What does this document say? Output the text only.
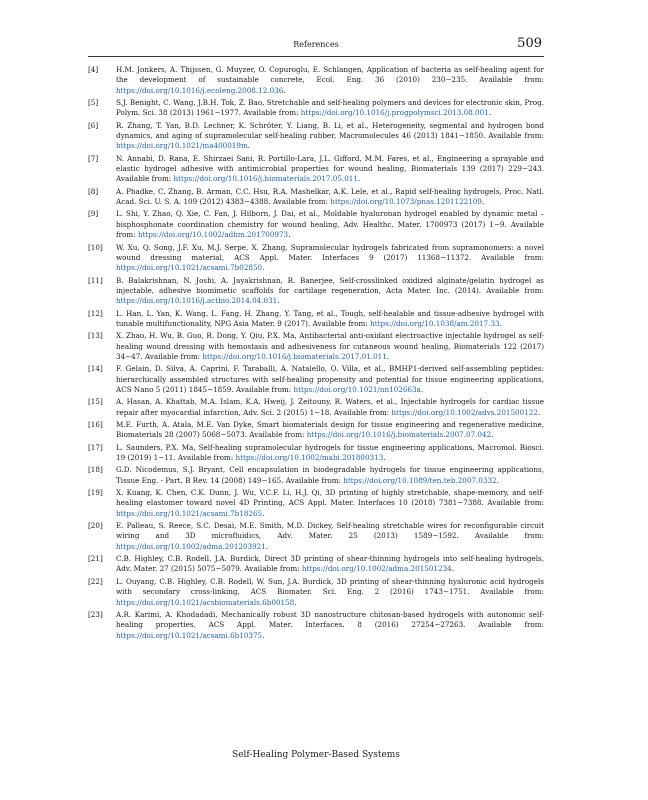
References	509
[4] H.M. Jonkers, A. Thijssen, G. Muyzer, O. Copuroglu, E. Schlangen, Application of bacteria as self-healing agent for the development of sustainable concrete, Ecol. Eng. 36 (2010) 230−235. Available from: https://doi.org/10.1016/j.ecoleng.2008.12.036.
[5] S.J. Benight, C. Wang, J.B.H. Tok, Z. Bao, Stretchable and self-healing polymers and devices for electronic skin, Prog. Polym. Sci. 38 (2013) 1961−1977. Available from: https://doi.org/10.1016/j.progpolymsci.2013.08.001.
[6] R. Zhang, T. Yan, B.D. Lechner, K. Schröter, Y. Liang, B. Li, et al., Heterogeneity, segmental and hydrogen bond dynamics, and aging of supramolecular self-healing rubber, Macromolecules 46 (2013) 1841−1850. Available from: https://doi.org/10.1021/ma400019m.
[7] N. Annabi, D. Rana, E. Shirzaei Sani, R. Portillo-Lara, J.L. Gifford, M.M. Fares, et al., Engineering a sprayable and elastic hydrogel adhesive with antimicrobial properties for wound healing, Biomaterials 139 (2017) 229−243. Available from: https://doi.org/10.1016/j.biomaterials.2017.05.011.
[8] A. Phadke, C. Zhang, B. Arman, C.C. Hsu, R.A. Mashelkar, A.K. Lele, et al., Rapid self-healing hydrogels, Proc. Natl. Acad. Sci. U. S. A. 109 (2012) 4383−4388. Available from: https://doi.org/10.1073/pnas.1201122109.
[9] L. Shi, Y. Zhao, Q. Xie, C. Fan, J. Hilborn, J. Dai, et al., Moldable hyaluronan hydrogel enabled by dynamic metal – bisphosphonate coordination chemistry for wound healing, Adv. Healthc. Mater. 1700973 (2017) 1−9. Available from: https://doi.org/10.1002/adhm.201700973.
[10] W. Xu, Q. Song, J.F. Xu, M.J. Serpe, X. Zhang, Supramolecular hydrogels fabricated from supramonomers: a novel wound dressing material, ACS Appl. Mater. Interfaces 9 (2017) 11368−11372. Available from: https://doi.org/10.1021/acsami.7b02850.
[11] B. Balakrishnan, N. Joshi, A. Jayakrishnan, R. Banerjee, Self-crosslinked oxidized alginate/gelatin hydrogel as injectable, adhesive biomimetic scaffolds for cartilage regeneration, Acta Mater. Inc. (2014). Available from: https://doi.org/10.1016/j.actbio.2014.04.031.
[12] L. Han, L. Yan, K. Wang, L. Fang, H. Zhang, Y. Tang, et al., Tough, self-healable and tissue-adhesive hydrogel with tunable multifunctionality, NPG Asia Mater. 9 (2017). Available from: https://doi.org/10.1038/am.2017.33.
[13] X. Zhao, H. Wu, B. Guo, R. Dong, Y. Qiu, P.X. Ma, Antibacterial anti-oxidant electroactive injectable hydrogel as self-healing wound dressing with hemostasis and adhesiveness for cutaneous wound healing, Biomaterials 122 (2017) 34−47. Available from: https://doi.org/10.1016/j.biomaterials.2017.01.011.
[14] F. Gelain, D. Silva, A. Caprini, F. Taraballi, A. Natalello, O. Villa, et al., BMHP1-derived self-assembling peptides: hierarchically assembled structures with self-healing propensity and potential for tissue engineering applications, ACS Nano 5 (2011) 1845−1859. Available from: https://doi.org/10.1021/nn102663a.
[15] A. Hasan, A. Khattab, M.A. Islam, K.A. Hweij, J. Zeitouny, R. Waters, et al., Injectable hydrogels for cardiac tissue repair after myocardial infarction, Adv. Sci. 2 (2015) 1−18. Available from: https://doi.org/10.1002/advs.201500122.
[16] M.E. Furth, A. Atala, M.E. Van Dyke, Smart biomaterials design for tissue engineering and regenerative medicine, Biomaterials 28 (2007) 5068−5073. Available from: https://doi.org/10.1016/j.biomaterials.2007.07.042.
[17] L. Saunders, P.X. Ma, Self-healing supramolecular hydrogels for tissue engineering applications, Macromol. Biosci. 19 (2019) 1−11. Available from: https://doi.org/10.1002/mabi.201800313.
[18] G.D. Nicodemus, S.J. Bryant, Cell encapsulation in biodegradable hydrogels for tissue engineering applications, Tissue Eng. - Part. B Rev. 14 (2008) 149−165. Available from: https://doi.org/10.1089/ten.teb.2007.0332.
[19] X. Kuang, K. Chen, C.K. Dunn, J. Wu, V.C.F. Li, H.J. Qi, 3D printing of highly stretchable, shape-memory, and self-healing elastomer toward novel 4D Printing, ACS Appl. Mater. Interfaces 10 (2018) 7381−7388. Available from: https://doi.org/10.1021/acsami.7b18265.
[20] E. Palleau, S. Reece, S.C. Desai, M.E. Smith, M.D. Dickey, Self-healing stretchable wires for reconfigurable circuit wiring and 3D microfluidics, Adv. Mater. 25 (2013) 1589−1592. Available from: https://doi.org/10.1002/adma.201203921.
[21] C.B. Highley, C.B. Rodell, J.A. Burdick, Direct 3D printing of shear-thinning hydrogels into self-healing hydrogels, Adv. Mater. 27 (2015) 5075−5079. Available from: https://doi.org/10.1002/adma.201501234.
[22] L. Ouyang, C.B. Highley, C.B. Rodell, W. Sun, J.A. Burdick, 3D printing of shear-thinning hyaluronic acid hydrogels with secondary cross-linking, ACS Biomater. Sci. Eng. 2 (2016) 1743−1751. Available from: https://doi.org/10.1021/acsbiomaterials.6b00158.
[23] A.R. Karimi, A. Khodadadi, Mechanically robust 3D nanostructure chitosan-based hydrogels with autonomic self-healing properties, ACS Appl. Mater. Interfaces. 8 (2016) 27254−27263. Available from: https://doi.org/10.1021/acsami.6b10375.
Self-Healing Polymer-Based Systems
